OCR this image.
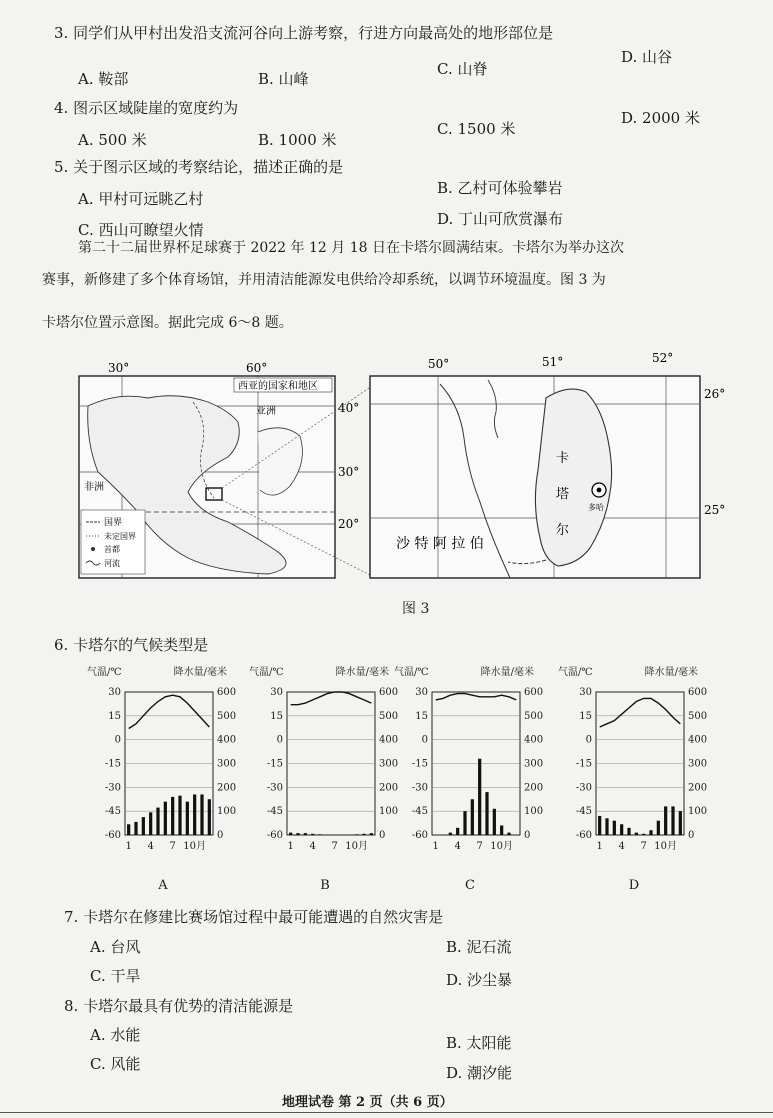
3. 同学们从甲村出发沿支流河谷向上游考察，行进方向最高处的地形部位是
A. 鞍部	B. 山峰
C. 山脊
D. 山谷
4. 图示区域陡崖的宽度约为
A. 500 米	B. 1000 米
C. 1500 米
D. 2000 米
5. 关于图示区域的考察结论，描述正确的是
A. 甲村可远眺乙村
B. 乙村可体验攀岩
C. 西山可瞭望火情
D. 丁山可欣赏瀑布
第二十二届世界杯足球赛于 2022 年 12 月 18 日在卡塔尔圆满结束。卡塔尔为举办这次
赛事，新修建了多个体育场馆，并用清洁能源发电供给冷却系统，以调节环境温度。图 3 为
卡塔尔位置示意图。据此完成 6～8 题。
西亚的国家和地区
30°	60°
40°
30°
20°
亚洲
非洲
国界
未定国界
首都
河流
50°	51°	52°
26°
25°
卡
塔
尔
沙 特 阿 拉 伯
多哈
图 3
6. 卡塔尔的气候类型是
气温/℃	降水量/毫米
30
15
0
-15
-30
-45
-60
600
500
400
300
200
100
0
1 4 7 10月
A
气温/℃	降水量/毫米
30
15
0
-15
-30
-45
-60
600
500
400
300
200
100
0
1 4 7 10月
B
气温/℃	降水量/毫米
30
15
0
-15
-30
-45
-60
600
500
400
300
200
100
0
1 4 7 10月
C
气温/℃	降水量/毫米
30
15
0
-15
-30
-45
-60
600
500
400
300
200
100
0
1 4 7 10月
D
7. 卡塔尔在修建比赛场馆过程中最可能遭遇的自然灾害是
A. 台风	B. 泥石流
C. 干旱	D. 沙尘暴
8. 卡塔尔最具有优势的清洁能源是
A. 水能	B. 太阳能
C. 风能	D. 潮汐能
地理试卷 第 2 页（共 6 页）
